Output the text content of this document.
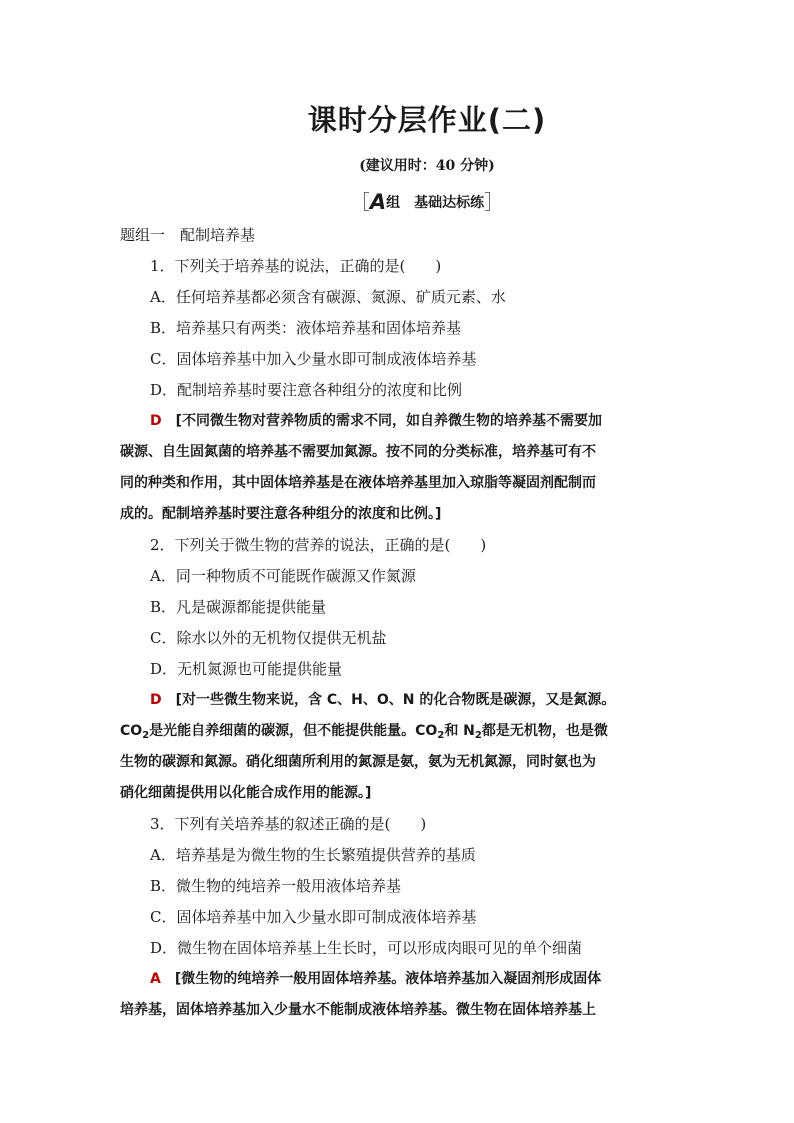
课时分层作业(二)
(建议用时：40 分钟)
［A组　基础达标练］
题组一　配制培养基
1．下列关于培养基的说法，正确的是(　　)
A．任何培养基都必须含有碳源、氮源、矿质元素、水
B．培养基只有两类：液体培养基和固体培养基
C．固体培养基中加入少量水即可制成液体培养基
D．配制培养基时要注意各种组分的浓度和比例
D　 [不同微生物对营养物质的需求不同，如自养微生物的培养基不需要加
碳源、自生固氮菌的培养基不需要加氮源。按不同的分类标准，培养基可有不
同的种类和作用，其中固体培养基是在液体培养基里加入琼脂等凝固剂配制而
成的。配制培养基时要注意各种组分的浓度和比例。]
2．下列关于微生物的营养的说法，正确的是(　　)
A．同一种物质不可能既作碳源又作氮源
B．凡是碳源都能提供能量
C．除水以外的无机物仅提供无机盐
D．无机氮源也可能提供能量
D　 [对一些微生物来说，含 C、H、O、N 的化合物既是碳源，又是氮源。
$CO_2$是光能自养细菌的碳源，但不能提供能量。$CO_2$和 $N_2$都是无机物，也是微
生物的碳源和氮源。硝化细菌所利用的氮源是氨，氨为无机氮源，同时氨也为
硝化细菌提供用以化能合成作用的能源。]
3．下列有关培养基的叙述正确的是(　　)
A．培养基是为微生物的生长繁殖提供营养的基质
B．微生物的纯培养一般用液体培养基
C．固体培养基中加入少量水即可制成液体培养基
D．微生物在固体培养基上生长时，可以形成肉眼可见的单个细菌
A　 [微生物的纯培养一般用固体培养基。液体培养基加入凝固剂形成固体
培养基，固体培养基加入少量水不能制成液体培养基。微生物在固体培养基上
